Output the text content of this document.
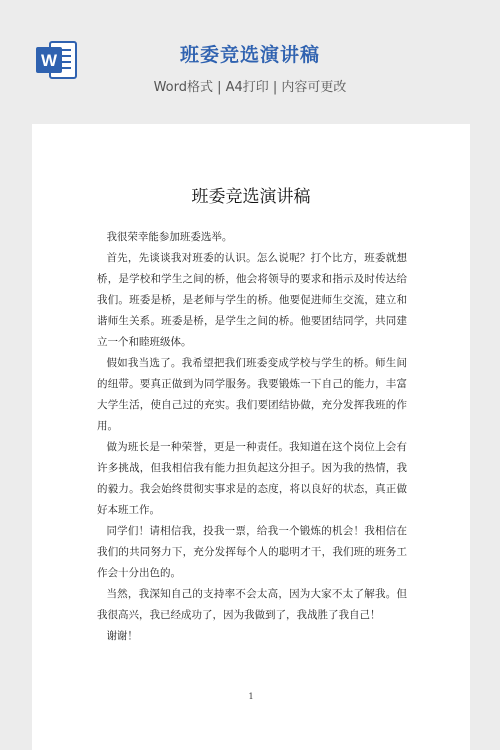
W	班委竞选演讲稿
Word格式 | A4打印 | 内容可更改
班委竞选演讲稿

我很荣幸能参加班委选举。

首先，先谈谈我对班委的认识。怎么说呢？打个比方，班委就想桥，是学校和学生之间的桥，他会将领导的要求和指示及时传达给我们。班委是桥，是老师与学生的桥。他要促进师生交流，建立和谐师生关系。班委是桥，是学生之间的桥。他要团结同学，共同建立一个和睦班级体。

假如我当选了。我希望把我们班委变成学校与学生的桥。师生间的纽带。要真正做到为同学服务。我要锻炼一下自己的能力，丰富大学生活，使自己过的充实。我们要团结协做，充分发挥我班的作用。

做为班长是一种荣誉，更是一种责任。我知道在这个岗位上会有许多挑战，但我相信我有能力担负起这分担子。因为我的热情，我的毅力。我会始终贯彻实事求是的态度，将以良好的状态，真正做好本班工作。

同学们！请相信我，投我一票，给我一个锻炼的机会！我相信在我们的共同努力下，充分发挥每个人的聪明才干，我们班的班务工作会十分出色的。

当然，我深知自己的支持率不会太高，因为大家不太了解我。但我很高兴，我已经成功了，因为我做到了，我战胜了我自己！

谢谢！

1
